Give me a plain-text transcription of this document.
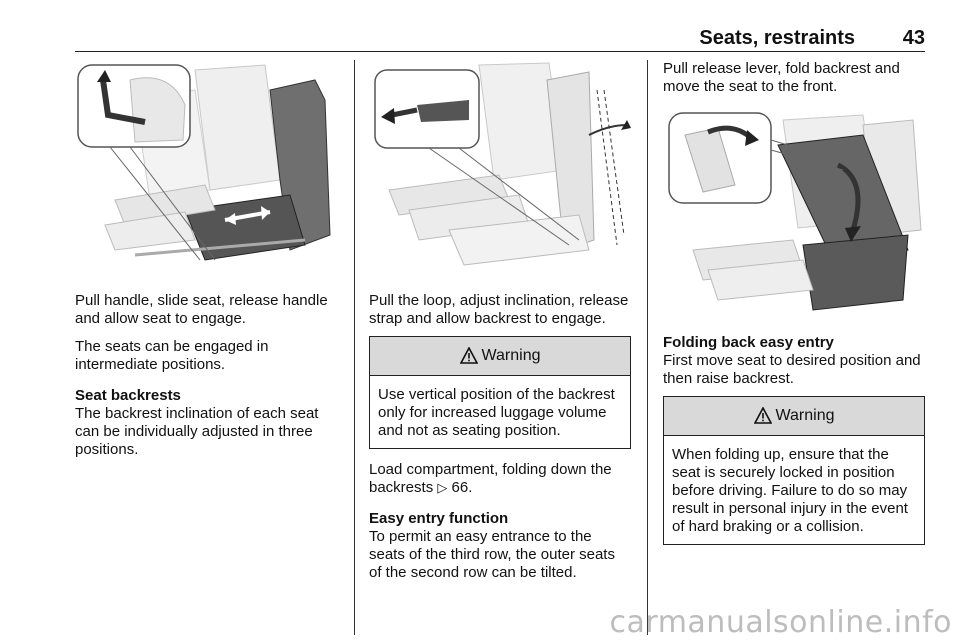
Seats, restraints 43

Pull handle, slide seat, release handle and allow seat to engage.

The seats can be engaged in intermediate positions.

Seat backrests

The backrest inclination of each seat can be individually adjusted in three positions.

Pull the loop, adjust inclination, release strap and allow backrest to engage.

Warning
Use vertical position of the backrest only for increased luggage volume and not as seating position.

Load compartment, folding down the backrests ▷ 66.

Easy entry function

To permit an easy entrance to the seats of the third row, the outer seats of the second row can be tilted.

Pull release lever, fold backrest and move the seat to the front.

Folding back easy entry

First move seat to desired position and then raise backrest.

Warning
When folding up, ensure that the seat is securely locked in position before driving. Failure to do so may result in personal injury in the event of hard braking or a collision.
carmanualsonline.info
